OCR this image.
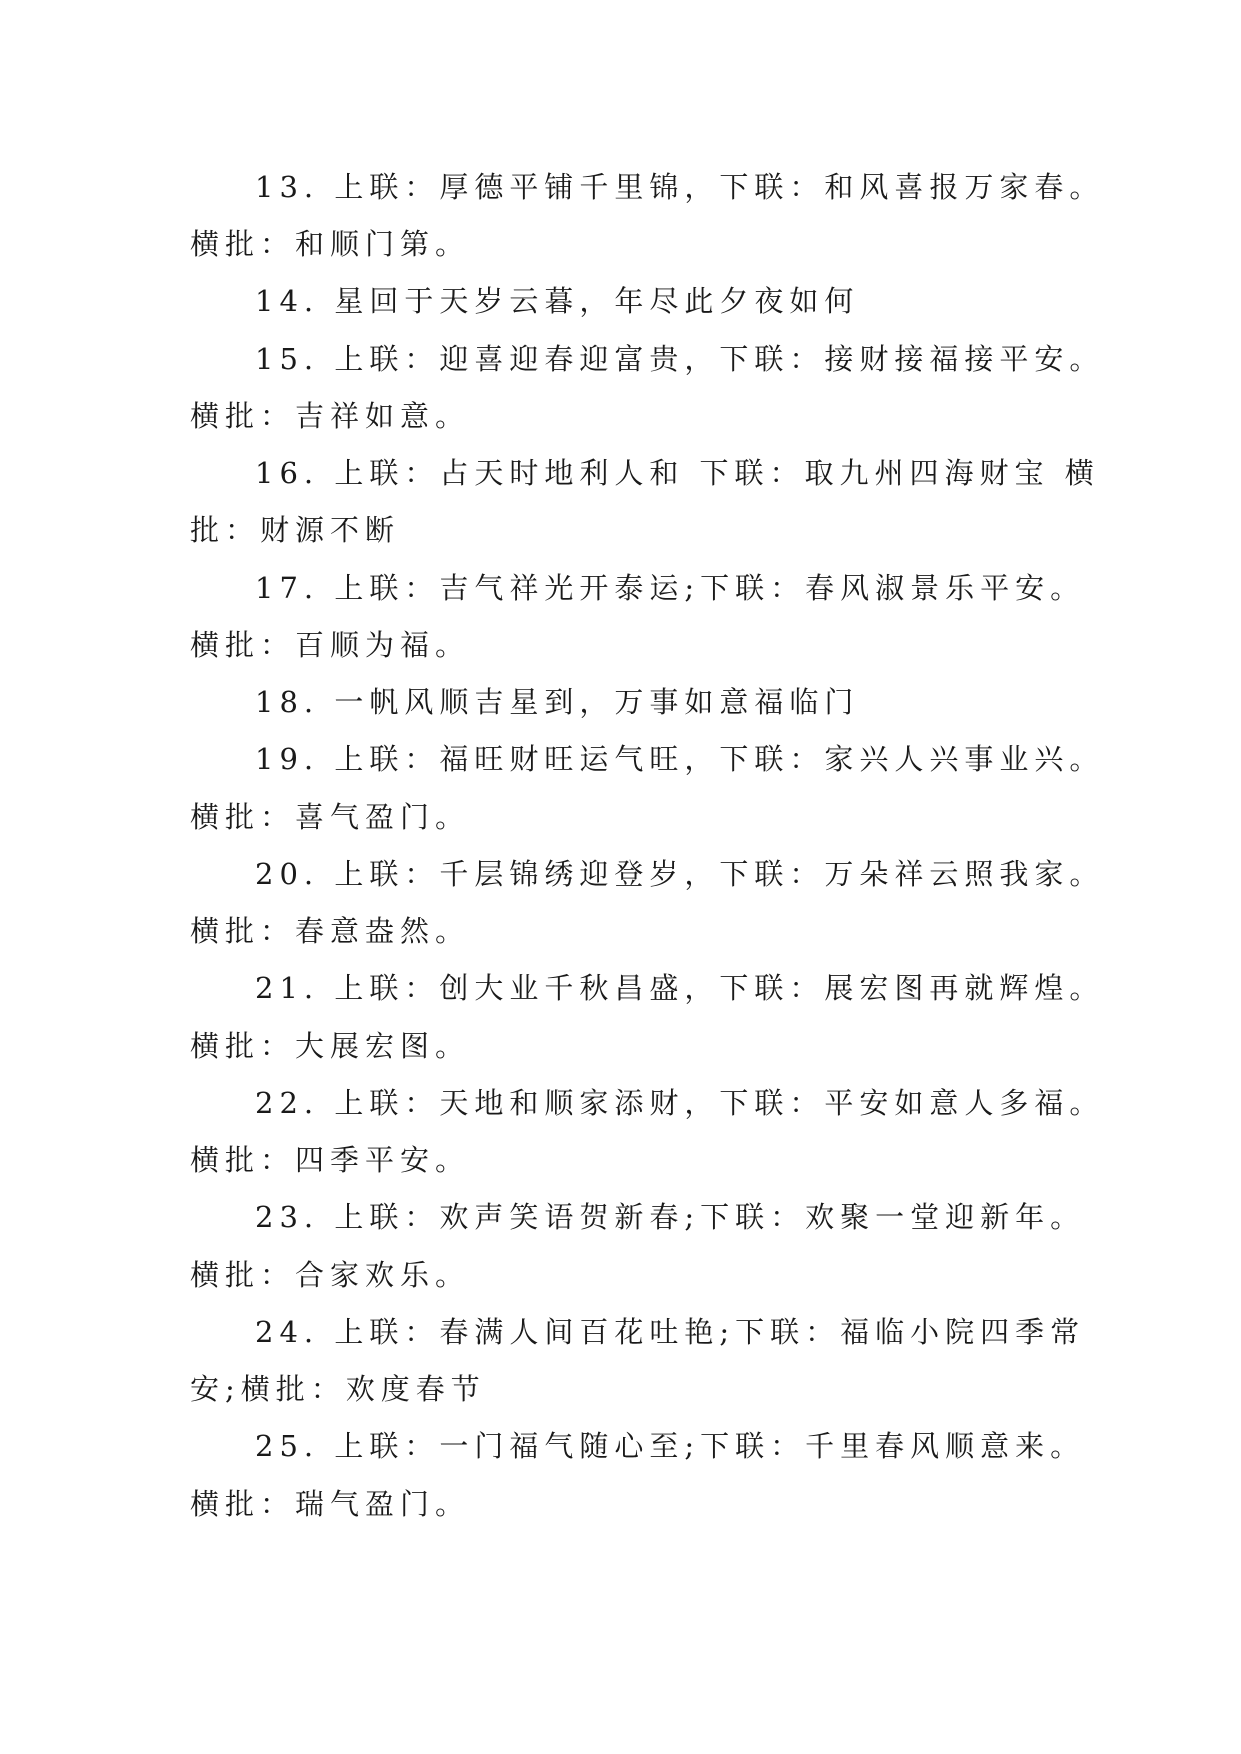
13. 上联：厚德平铺千里锦，下联：和风喜报万家春。
横批：和顺门第。
14. 星回于天岁云暮，年尽此夕夜如何
15. 上联：迎喜迎春迎富贵，下联：接财接福接平安。
横批：吉祥如意。
16. 上联：占天时地利人和 下联：取九州四海财宝 横
批：财源不断
17. 上联：吉气祥光开泰运;下联：春风淑景乐平安。
横批：百顺为福。
18. 一帆风顺吉星到，万事如意福临门
19. 上联：福旺财旺运气旺，下联：家兴人兴事业兴。
横批：喜气盈门。
20. 上联：千层锦绣迎登岁，下联：万朵祥云照我家。
横批：春意盎然。
21. 上联：创大业千秋昌盛，下联：展宏图再就辉煌。
横批：大展宏图。
22. 上联：天地和顺家添财，下联：平安如意人多福。
横批：四季平安。
23. 上联：欢声笑语贺新春;下联：欢聚一堂迎新年。
横批：合家欢乐。
24. 上联：春满人间百花吐艳;下联：福临小院四季常
安;横批：欢度春节
25. 上联：一门福气随心至;下联：千里春风顺意来。
横批：瑞气盈门。
